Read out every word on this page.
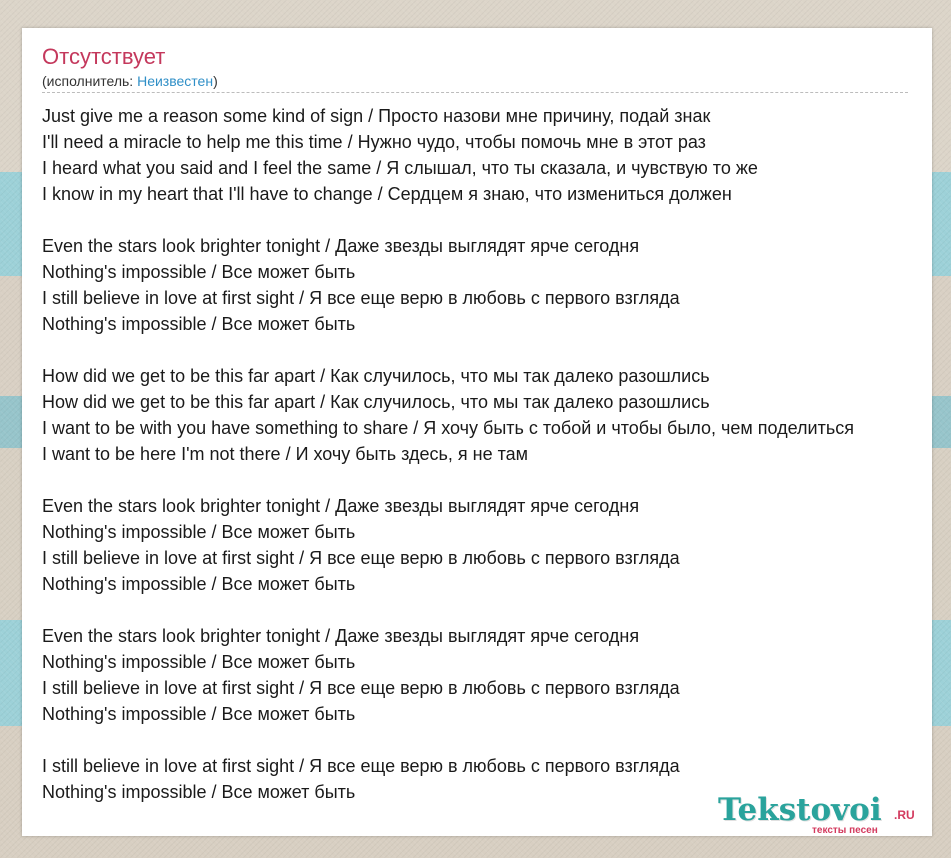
Отсутствует
(исполнитель: Неизвестен)
Just give me a reason some kind of sign / Просто назови мне причину, подай знак
I'll need a miracle to help me this time / Нужно чудо, чтобы помочь мне в этот раз
I heard what you said and I feel the same / Я слышал, что ты сказала, и чувствую то же
I know in my heart that I'll have to change / Сердцем я знаю, что измениться должен
Even the stars look brighter tonight / Даже звезды выглядят ярче сегодня
Nothing's impossible / Все может быть
I still believe in love at first sight / Я все еще верю в любовь с первого взгляда
Nothing's impossible / Все может быть
How did we get to be this far apart / Как случилось, что мы так далеко разошлись
How did we get to be this far apart / Как случилось, что мы так далеко разошлись
I want to be with you have something to share / Я хочу быть с тобой и чтобы было, чем поделиться
I want to be here I'm not there / И хочу быть здесь, я не там
Even the stars look brighter tonight / Даже звезды выглядят ярче сегодня
Nothing's impossible / Все может быть
I still believe in love at first sight / Я все еще верю в любовь с первого взгляда
Nothing's impossible / Все может быть
Even the stars look brighter tonight / Даже звезды выглядят ярче сегодня
Nothing's impossible / Все может быть
I still believe in love at first sight / Я все еще верю в любовь с первого взгляда
Nothing's impossible / Все может быть
I still believe in love at first sight / Я все еще верю в любовь с первого взгляда
Nothing's impossible / Все может быть	Tekstovoi .RU
тексты песен
